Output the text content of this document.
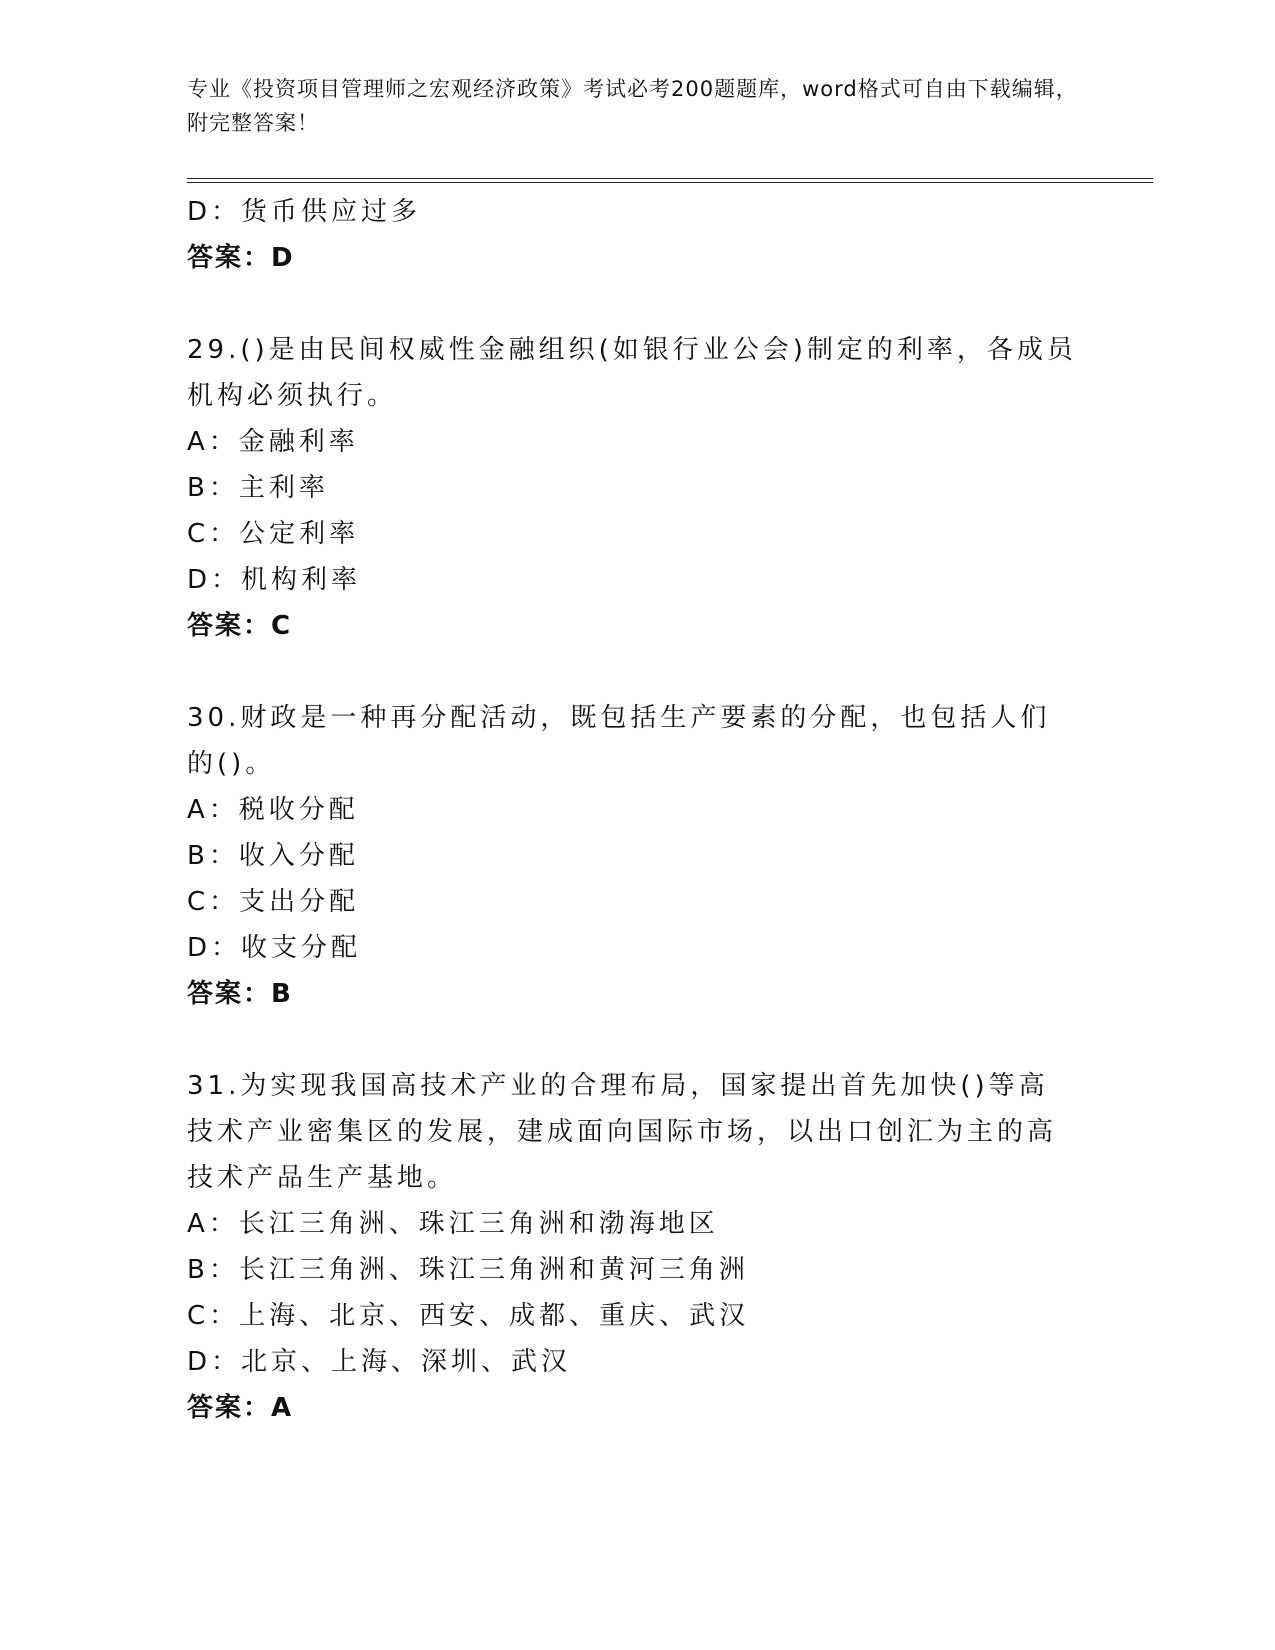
专业《投资项目管理师之宏观经济政策》考试必考200题题库，word格式可自由下载编辑，附完整答案！
D：货币供应过多
答案：D
29.()是由民间权威性金融组织(如银行业公会)制定的利率，各成员机构必须执行。
A：金融利率
B：主利率
C：公定利率
D：机构利率
答案：C
30.财政是一种再分配活动，既包括生产要素的分配，也包括人们的()。
A：税收分配
B：收入分配
C：支出分配
D：收支分配
答案：B
31.为实现我国高技术产业的合理布局，国家提出首先加快()等高技术产业密集区的发展，建成面向国际市场，以出口创汇为主的高技术产品生产基地。
A：长江三角洲、珠江三角洲和渤海地区
B：长江三角洲、珠江三角洲和黄河三角洲
C：上海、北京、西安、成都、重庆、武汉
D：北京、上海、深圳、武汉
答案：A
